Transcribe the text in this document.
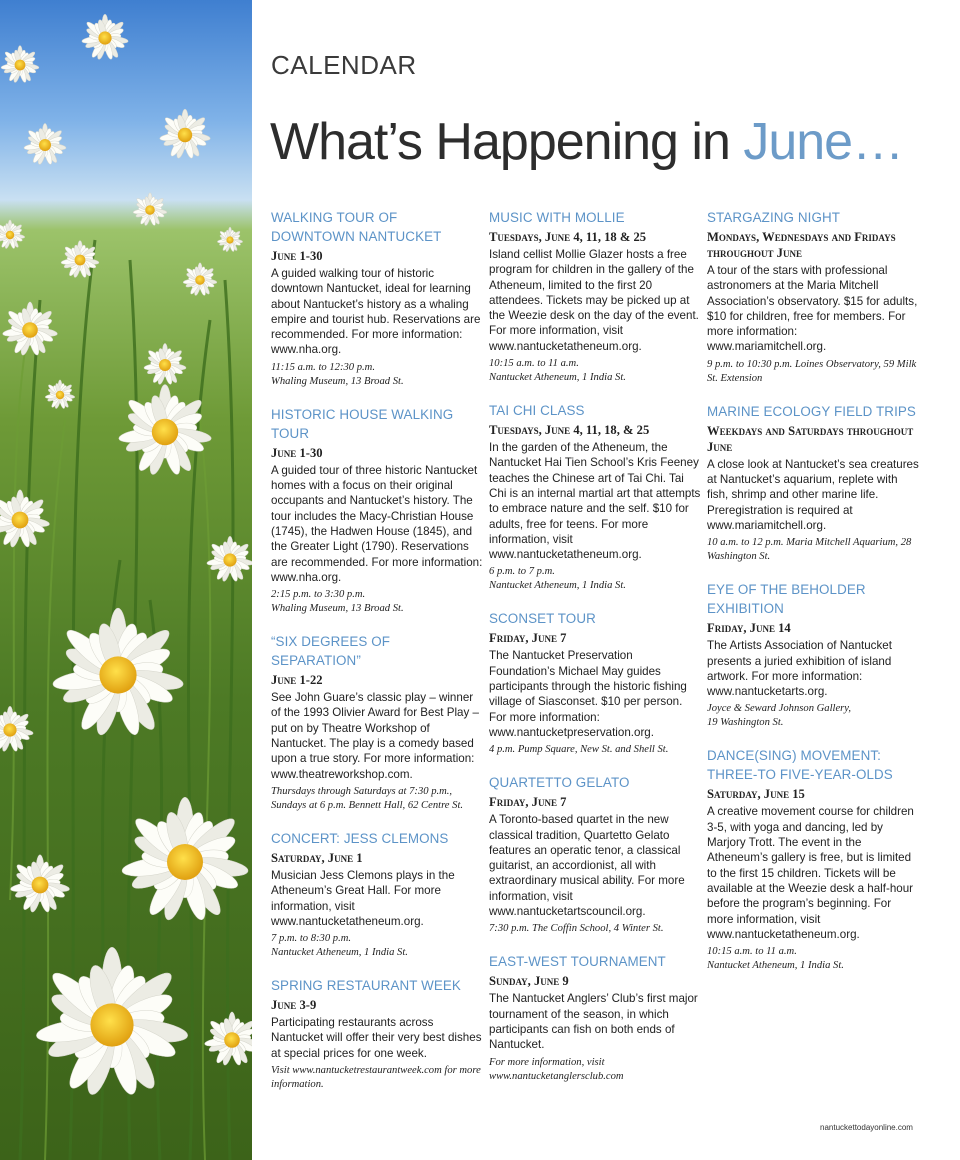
CALENDAR
What’s Happening in June…
WALKING TOUR OF DOWNTOWN NANTUCKET
June 1-30
A guided walking tour of historic downtown Nantucket, ideal for learning about Nantucket’s history as a whaling empire and tourist hub. Reservations are recommended. For more information: www.nha.org.
11:15 a.m. to 12:30 p.m.
Whaling Museum, 13 Broad St.
HISTORIC HOUSE WALKING TOUR
June 1-30
A guided tour of three historic Nantucket homes with a focus on their original occupants and Nantucket’s history. The tour includes the Macy-Christian House (1745), the Hadwen House (1845), and the Greater Light (1790). Reservations are recommended. For more information: www.nha.org.
2:15 p.m. to 3:30 p.m.
Whaling Museum, 13 Broad St.
“SIX DEGREES OF SEPARATION”
June 1-22
See John Guare’s classic play – winner of the 1993 Olivier Award for Best Play – put on by Theatre Workshop of Nantucket. The play is a comedy based upon a true story. For more information: www.theatreworkshop.com.
Thursdays through Saturdays at 7:30 p.m., Sundays at 6 p.m. Bennett Hall, 62 Centre St.
CONCERT: JESS CLEMONS
Saturday, June 1
Musician Jess Clemons plays in the Atheneum’s Great Hall. For more information, visit www.nantucketatheneum.org.
7 p.m. to 8:30 p.m.
Nantucket Atheneum, 1 India St.
SPRING RESTAURANT WEEK
June 3-9
Participating restaurants across Nantucket will offer their very best dishes at special prices for one week.
Visit www.nantucketrestaurantweek.com for more information.
MUSIC WITH MOLLIE
Tuesdays, June 4, 11, 18 & 25
Island cellist Mollie Glazer hosts a free program for children in the gallery of the Atheneum, limited to the first 20 attendees. Tickets may be picked up at the Weezie desk on the day of the event. For more information, visit www.nantucketatheneum.org.
10:15 a.m. to 11 a.m.
Nantucket Atheneum, 1 India St.
TAI CHI CLASS
Tuesdays, June 4, 11, 18, & 25
In the garden of the Atheneum, the Nantucket Hai Tien School’s Kris Feeney teaches the Chinese art of Tai Chi. Tai Chi is an internal martial art that attempts to embrace nature and the self. $10 for adults, free for teens. For more information, visit www.nantucketatheneum.org.
6 p.m. to 7 p.m.
Nantucket Atheneum, 1 India St.
SCONSET TOUR
Friday, June 7
The Nantucket Preservation Foundation’s Michael May guides participants through the historic fishing village of Siasconset. $10 per person. For more information: www.nantucketpreservation.org.
4 p.m. Pump Square, New St. and Shell St.
QUARTETTO GELATO
Friday, June 7
A Toronto-based quartet in the new classical tradition, Quartetto Gelato features an operatic tenor, a classical guitarist, an accordionist, all with extraordinary musical ability. For more information, visit www.nantucketartscouncil.org.
7:30 p.m. The Coffin School, 4 Winter St.
EAST-WEST TOURNAMENT
Sunday, June 9
The Nantucket Anglers’ Club’s first major tournament of the season, in which participants can fish on both ends of Nantucket.
For more information, visit
www.nantucketanglersclub.com
STARGAZING NIGHT
Mondays, Wednesdays and Fridays throughout June
A tour of the stars with professional astronomers at the Maria Mitchell Association’s observatory. $15 for adults, $10 for children, free for members. For more information: www.mariamitchell.org.
9 p.m. to 10:30 p.m. Loines Observatory, 59 Milk St. Extension
MARINE ECOLOGY FIELD TRIPS
Weekdays and Saturdays throughout June
A close look at Nantucket’s sea creatures at Nantucket’s aquarium, replete with fish, shrimp and other marine life. Preregistration is required at www.mariamitchell.org.
10 a.m. to 12 p.m. Maria Mitchell Aquarium, 28 Washington St.
EYE OF THE BEHOLDER EXHIBITION
Friday, June 14
The Artists Association of Nantucket presents a juried exhibition of island artwork. For more information: www.nantucketarts.org.
Joyce & Seward Johnson Gallery,
19 Washington St.
DANCE(SING) MOVEMENT: THREE-TO FIVE-YEAR-OLDS
Saturday, June 15
A creative movement course for children 3-5, with yoga and dancing, led by Marjory Trott. The event in the Atheneum’s gallery is free, but is limited to the first 15 children. Tickets will be available at the Weezie desk a half-hour before the program’s beginning. For more information, visit www.nantucketatheneum.org.
10:15 a.m. to 11 a.m.
Nantucket Atheneum, 1 India St.
nantuckettodayonline.com
